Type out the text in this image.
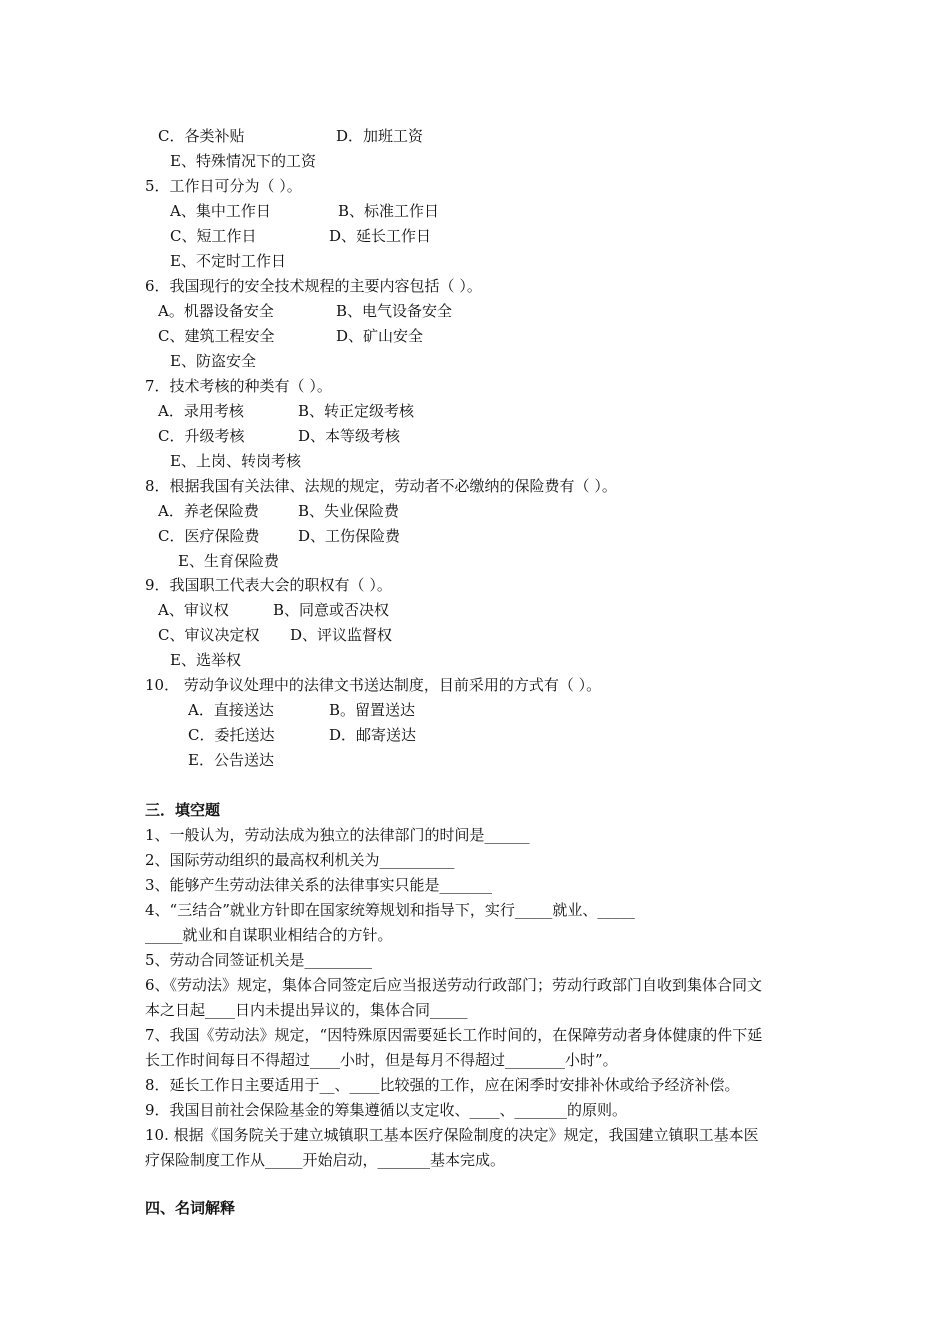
C．各类补贴	D．加班工资
E、特殊情况下的工资
5．工作日可分为（ ）。
A、集中工作日	B、标准工作日
C、短工作日	D、延长工作日
E、不定时工作日
6．我国现行的安全技术规程的主要内容包括（ ）。
A。机器设备安全	B、电气设备安全
C、建筑工程安全	D、矿山安全
E、防盗安全
7．技术考核的种类有（ ）。
A．录用考核	B、转正定级考核
C．升级考核	D、本等级考核
E、上岗、转岗考核
8．根据我国有关法律、法规的规定，劳动者不必缴纳的保险费有（ ）。
A．养老保险费	B、失业保险费
C．医疗保险费	D、工伤保险费
E、生育保险费
9．我国职工代表大会的职权有（ ）。
A、审议权	B、同意或否决权
C、审议决定权 D、评议监督权
E、选举权
10． 劳动争议处理中的法律文书送达制度，目前采用的方式有（ ）。
A．直接送达	B。留置送达
C．委托送达	D．邮寄送达
E．公告送达
三．填空题
1、一般认为，劳动法成为独立的法律部门的时间是______
2、国际劳动组织的最高权利机关为__________
3、能够产生劳动法律关系的法律事实只能是_______
4、“三结合”就业方针即在国家统筹规划和指导下，实行_____就业、_____
_____就业和自谋职业相结合的方针。
5、劳动合同签证机关是_________
6、《劳动法》规定，集体合同签定后应当报送劳动行政部门；劳动行政部门自收到集体合同文
本之日起____日内未提出异议的，集体合同_____
7、我国《劳动法》规定，“因特殊原因需要延长工作时间的，在保障劳动者身体健康的件下延
长工作时间每日不得超过____小时，但是每月不得超过________小时”。
8．延长工作日主要适用于__、____比较强的工作，应在闲季时安排补休或给予经济补偿。
9．我国目前社会保险基金的筹集遵循以支定收、____、_______的原则。
10. 根据《国务院关于建立城镇职工基本医疗保险制度的决定》规定，我国建立镇职工基本医
疗保险制度工作从_____开始启动，_______基本完成。
四、名词解释
